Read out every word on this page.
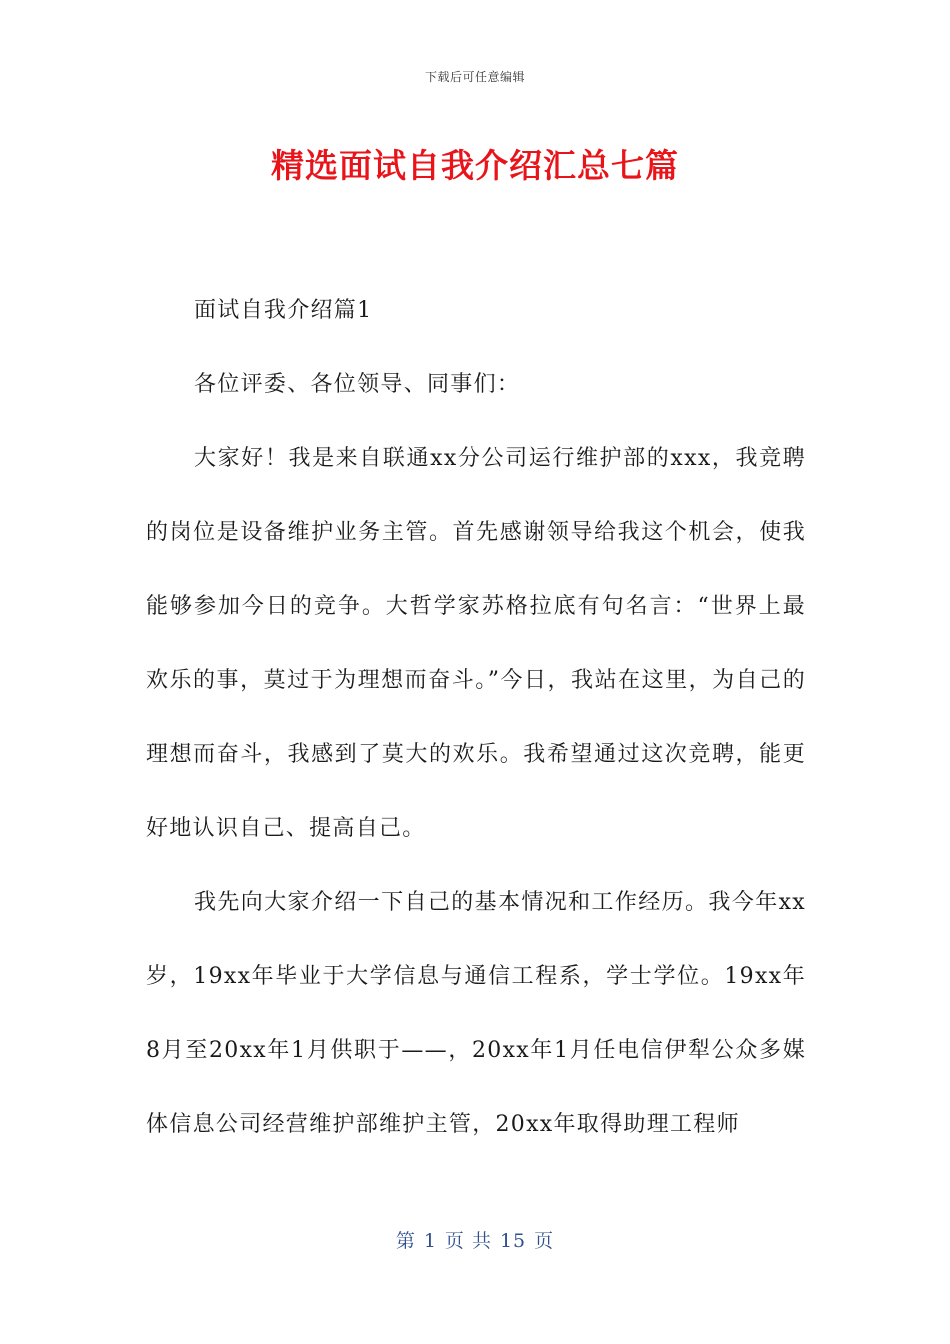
下载后可任意编辑
精选面试自我介绍汇总七篇

面试自我介绍篇1

各位评委、各位领导、同事们：

大家好！我是来自联通xx分公司运行维护部的xxx，我竞聘的岗位是设备维护业务主管。首先感谢领导给我这个机会，使我能够参加今日的竞争。大哲学家苏格拉底有句名言：“世界上最欢乐的事，莫过于为理想而奋斗。”今日，我站在这里，为自己的理想而奋斗，我感到了莫大的欢乐。我希望通过这次竞聘，能更好地认识自己、提高自己。

我先向大家介绍一下自己的基本情况和工作经历。我今年xx岁，19xx年毕业于大学信息与通信工程系，学士学位。19xx年8月至20xx年1月供职于——，20xx年1月任电信伊犁公众多媒体信息公司经营维护部维护主管，20xx年取得助理工程师

第 1 页 共 15 页
